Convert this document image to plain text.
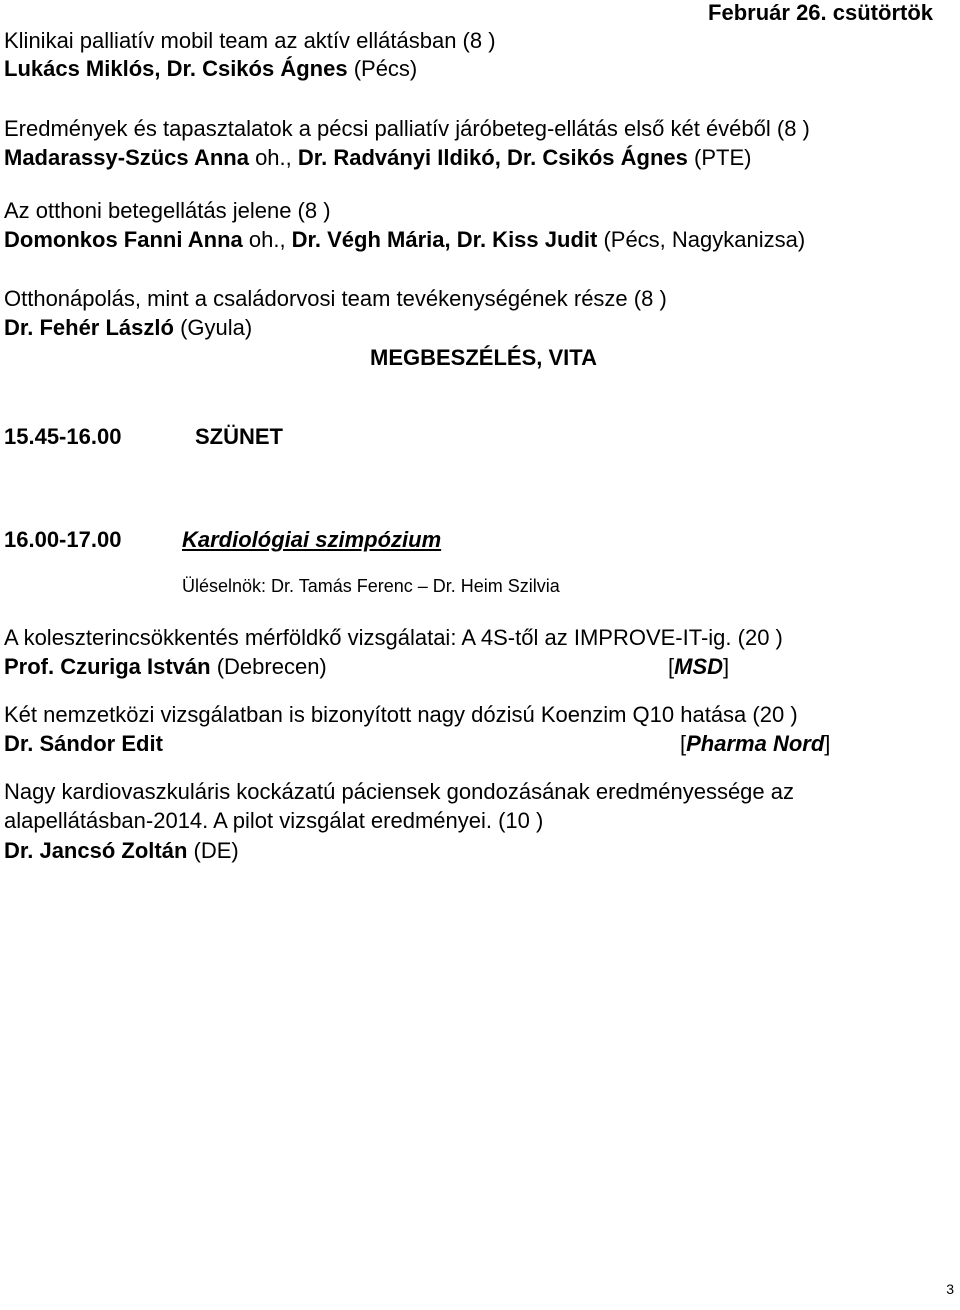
Február 26. csütörtök
Klinikai palliatív mobil team az aktív ellátásban (8 )
Lukács Miklós, Dr. Csikós Ágnes (Pécs)
Eredmények és tapasztalatok a pécsi palliatív járóbeteg-ellátás első két évéből (8 )
Madarassy-Szücs Anna oh., Dr. Radványi Ildikó, Dr. Csikós Ágnes (PTE)
Az otthoni betegellátás jelene (8 )
Domonkos Fanni Anna oh., Dr. Végh Mária, Dr. Kiss Judit (Pécs, Nagykanizsa)
Otthonápolás, mint a családorvosi team tevékenységének része (8 )
Dr. Fehér László (Gyula)
MEGBESZÉLÉS, VITA
15.45-16.00	SZÜNET
16.00-17.00	Kardiológiai szimpózium
Üléselnök: Dr. Tamás Ferenc – Dr. Heim Szilvia
A koleszterincsökkentés mérföldkő vizsgálatai: A 4S-től az IMPROVE-IT-ig. (20 )
Prof. Czuriga István (Debrecen)	[MSD]
Két nemzetközi vizsgálatban is bizonyított nagy dózisú Koenzim Q10 hatása (20 )
Dr. Sándor Edit	[Pharma Nord]
Nagy kardiovaszkuláris kockázatú páciensek gondozásának eredményessége az
alapellátásban-2014. A pilot vizsgálat eredményei. (10 )
Dr. Jancsó Zoltán (DE)
3
